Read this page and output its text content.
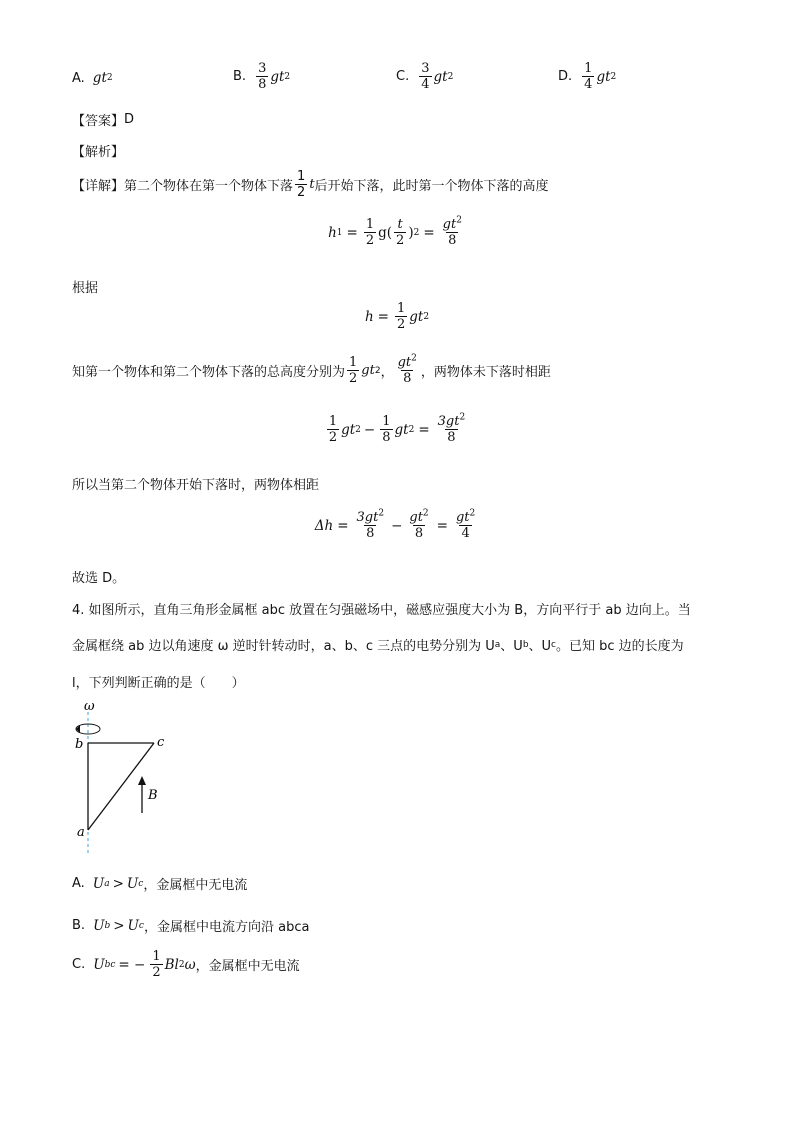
A. gt 2	B. $\frac{3}{8}$ gt 2	C. $\frac{3}{4}$ gt 2	D. $\frac{1}{4}$ gt 2
【答案】 D
【解析】
【详解】 第二个物体在第一个物体下落 $\frac{1}{2}$ t 后开始下落，此时第一个物体下落的高度
h $1 = \frac{1}{2}$ g ( $\frac{t}{2}$ ) $2 = \frac{gt^2}{8}$
根据
$h = \frac{1}{2}$ gt 2
知第一个物体和第二个物体下落的总高度分别为 $\frac{1}{2}$ gt 2 ， $\frac{gt^2}{8}$ ，两物体未下落时相距
$\frac{1}{2}$ gt $2 - \frac{1}{8}$ gt $2 = \frac{3gt^2}{8}$
所以当第二个物体开始下落时，两物体相距
$\Delta h = \frac{3gt^2}{8} - \frac{gt^2}{8} = \frac{gt^2}{4}$
故选 D。
4. 如图所示，直角三角形金属框 abc 放置在匀强磁场中，磁感应强度大小为 B，方向平行于 ab 边向上。当
金属框绕 ab 边以角速度 ω 逆时针转动时，a、b、c 三点的电势分别为 U a 、U b 、U c 。已知 bc 边的长度为
l，下列判断正确的是（　　）
ω
b	c
a
B
A. U a > U c ，金属框中无电流
B. U b > U c ，金属框中电流方向沿 abca
C. U bc = − $\frac{1}{2}$ Bl 2 ω ，金属框中无电流
